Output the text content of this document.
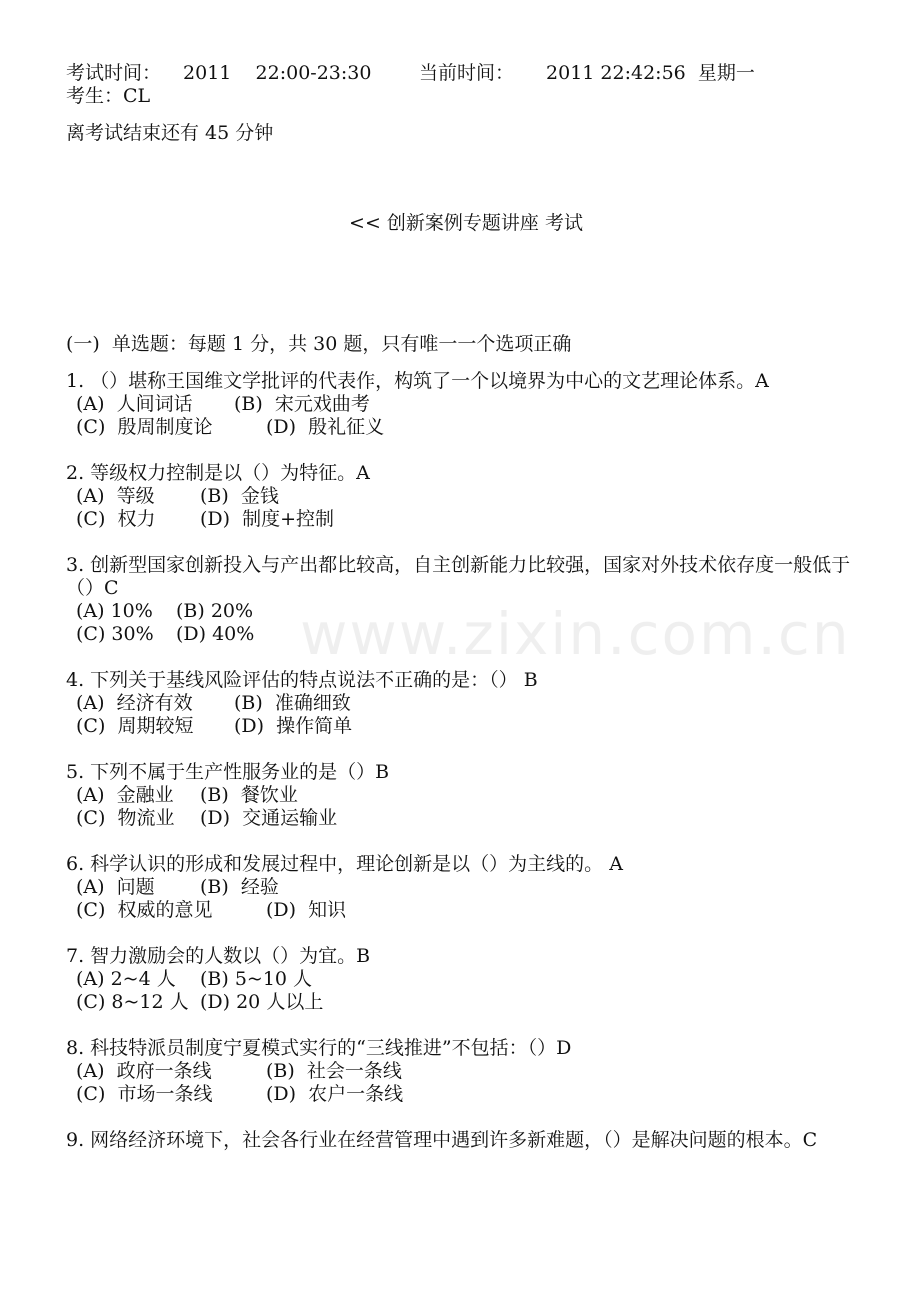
www.zixin.com.cn
考试时间： 2011    22:00-23:30	当前时间： 2011 22:42:56  星期一
考生：CL
离考试结束还有 45 分钟
<< 创新案例专题讲座 考试
(一)  单选题：每题 1 分，共 30 题，只有唯一一个选项正确
1. （）堪称王国维文学批评的代表作，构筑了一个以境界为中心的文艺理论体系。A
(A)  人间词话 (B)  宋元戏曲考
(C)  殷周制度论	(D)  殷礼征义
2. 等级权力控制是以（）为特征。A
(A)  等级 (B)  金钱
(C)  权力 (D)  制度+控制
3. 创新型国家创新投入与产出都比较高，自主创新能力比较强，国家对外技术依存度一般低于（）C
(A) 10% (B) 20%
(C) 30% (D) 40%
4. 下列关于基线风险评估的特点说法不正确的是：（） B
(A)  经济有效 (B)  准确细致
(C)  周期较短 (D)  操作简单
5. 下列不属于生产性服务业的是（）B
(A)  金融业 (B)  餐饮业
(C)  物流业 (D)  交通运输业
6. 科学认识的形成和发展过程中，理论创新是以（）为主线的。 A
(A)  问题 (B)  经验
(C)  权威的意见	(D)  知识
7. 智力激励会的人数以（）为宜。B
(A) 2~4 人 (B) 5~10 人
(C) 8~12 人 (D) 20 人以上
8. 科技特派员制度宁夏模式实行的“三线推进”不包括：（）D
(A)  政府一条线	(B)  社会一条线
(C)  市场一条线	(D)  农户一条线
9. 网络经济环境下，社会各行业在经营管理中遇到许多新难题，（）是解决问题的根本。C
